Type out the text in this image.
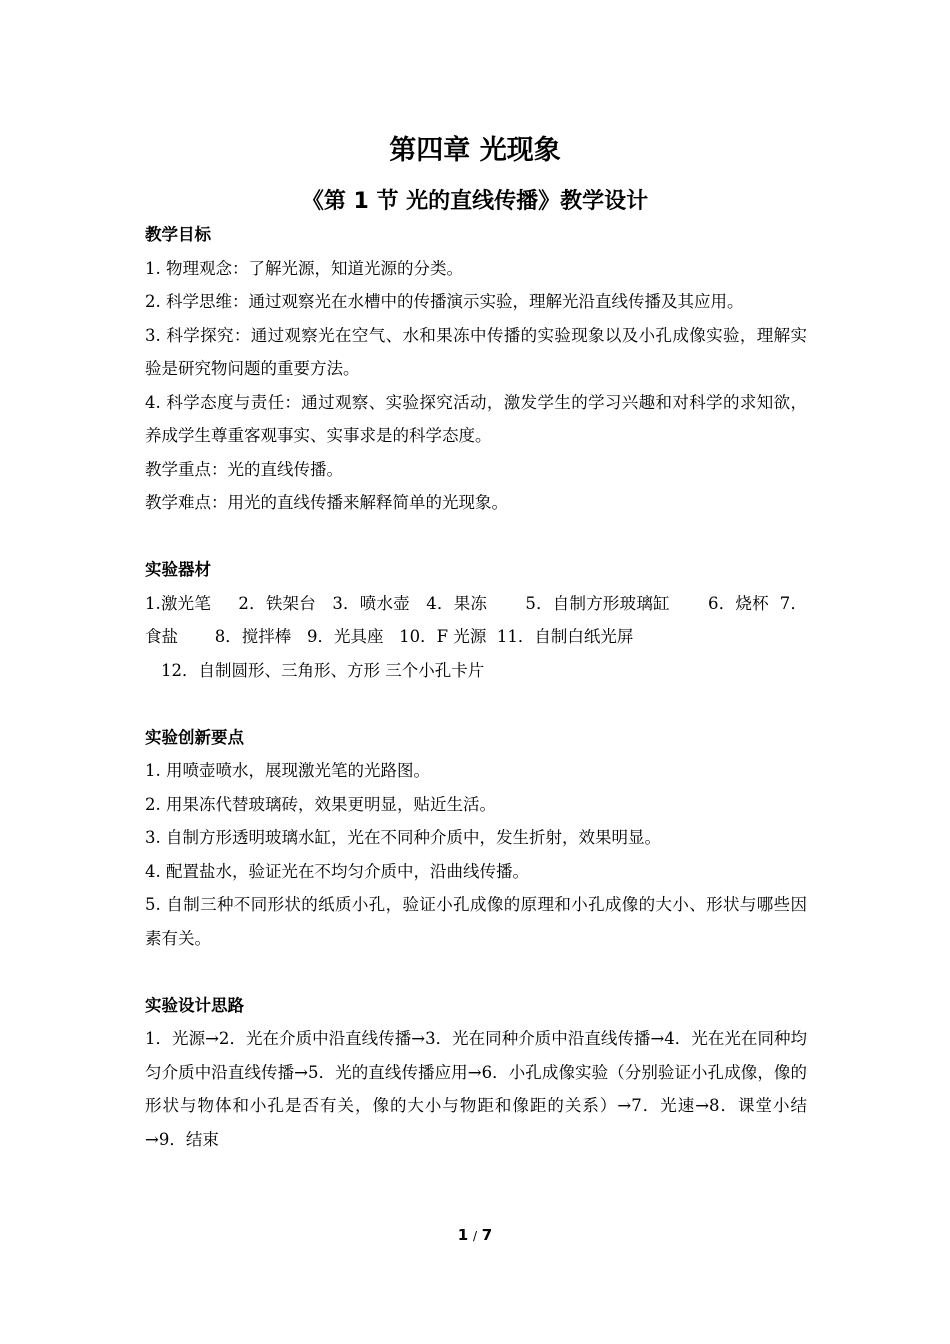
第四章 光现象
《第 1 节 光的直线传播》教学设计

教学目标

1. 物理观念：了解光源，知道光源的分类。

2. 科学思维：通过观察光在水槽中的传播演示实验，理解光沿直线传播及其应用。

3. 科学探究：通过观察光在空气、水和果冻中传播的实验现象以及小孔成像实验，理解实验是研究物问题的重要方法。

4. 科学态度与责任：通过观察、实验探究活动，激发学生的学习兴趣和对科学的求知欲，养成学生尊重客观事实、实事求是的科学态度。

教学重点：光的直线传播。

教学难点：用光的直线传播来解释简单的光现象。

实验器材

1.激光笔     2．铁架台   3．喷水壶   4．果冻       5．自制方形玻璃缸       6．烧杯  7．食盐       8．搅拌棒   9．光具座   10．F 光源  11．自制白纸光屏

12．自制圆形、三角形、方形 三个小孔卡片

实验创新要点

1. 用喷壶喷水，展现激光笔的光路图。

2. 用果冻代替玻璃砖，效果更明显，贴近生活。

3. 自制方形透明玻璃水缸，光在不同种介质中，发生折射，效果明显。

4. 配置盐水，验证光在不均匀介质中，沿曲线传播。

5. 自制三种不同形状的纸质小孔，验证小孔成像的原理和小孔成像的大小、形状与哪些因素有关。

实验设计思路

1．光源→2．光在介质中沿直线传播→3．光在同种介质中沿直线传播→4．光在光在同种均匀介质中沿直线传播→5．光的直线传播应用→6．小孔成像实验（分别验证小孔成像，像的形状与物体和小孔是否有关，像的大小与物距和像距的关系）→7．光速→8．课堂小结→9．结束

1 / 7
